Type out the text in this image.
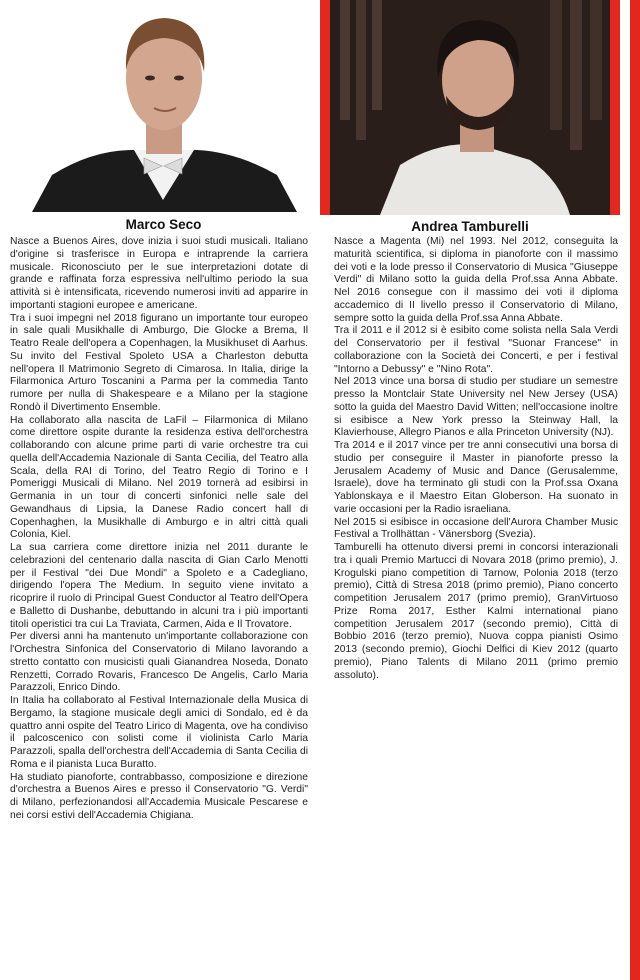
Marco Seco	Andrea Tamburelli

Nasce a Buenos Aires, dove inizia i suoi studi musicali. Italiano d'origine si trasferisce in Europa e intraprende la carriera musicale. Riconosciuto per le sue interpretazioni dotate di grande e raffinata forza espressiva nell'ultimo periodo la sua attività si è intensificata, ricevendo numerosi inviti ad apparire in importanti stagioni europee e americane.

Tra i suoi impegni nel 2018 figurano un importante tour europeo in sale quali Musikhalle di Amburgo, Die Glocke a Brema, Il Teatro Reale dell'opera a Copenhagen, la Musikhuset di Aarhus. Su invito del Festival Spoleto USA a Charleston debutta nell'opera Il Matrimonio Segreto di Cimarosa. In Italia, dirige la Filarmonica Arturo Toscanini a Parma per la commedia Tanto rumore per nulla di Shakespeare e a Milano per la stagione Rondò il Divertimento Ensemble.

Ha collaborato alla nascita de LaFil – Filarmonica di Milano come direttore ospite durante la residenza estiva dell'orchestra collaborando con alcune prime parti di varie orchestre tra cui quella dell'Accademia Nazionale di Santa Cecilia, del Teatro alla Scala, della RAI di Torino, del Teatro Regio di Torino e I Pomeriggi Musicali di Milano. Nel 2019 tornerà ad esibirsi in Germania in un tour di concerti sinfonici nelle sale del Gewandhaus di Lipsia, la Danese Radio concert hall di Copenhaghen, la Musikhalle di Amburgo e in altri città quali Colonia, Kiel.

La sua carriera come direttore inizia nel 2011 durante le celebrazioni del centenario dalla nascita di Gian Carlo Menotti per il Festival "dei Due Mondi" a Spoleto e a Cadegliano, dirigendo l'opera The Medium. In seguito viene invitato a ricoprire il ruolo di Principal Guest Conductor al Teatro dell'Opera e Balletto di Dushanbe, debuttando in alcuni tra i più importanti titoli operistici tra cui La Traviata, Carmen, Aida e Il Trovatore.

Per diversi anni ha mantenuto un'importante collaborazione con l'Orchestra Sinfonica del Conservatorio di Milano lavorando a stretto contatto con musicisti quali Gianandrea Noseda, Donato Renzetti, Corrado Rovaris, Francesco De Angelis, Carlo Maria Parazzoli, Enrico Dindo.

In Italia ha collaborato al Festival Internazionale della Musica di Bergamo, la stagione musicale degli amici di Sondalo, ed è da quattro anni ospite del Teatro Lirico di Magenta, ove ha condiviso il palcoscenico con solisti come il violinista Carlo Maria Parazzoli, spalla dell'orchestra dell'Accademia di Santa Cecilia di Roma e il pianista Luca Buratto.

Ha studiato pianoforte, contrabbasso, composizione e direzione d'orchestra a Buenos Aires e presso il Conservatorio "G. Verdi" di Milano, perfezionandosi all'Accademia Musicale Pescarese e nei corsi estivi dell'Accademia Chigiana.

Nasce a Magenta (Mi) nel 1993. Nel 2012, conseguita la maturità scientifica, si diploma in pianoforte con il massimo dei voti e la lode presso il Conservatorio di Musica "Giuseppe Verdi" di Milano sotto la guida della Prof.ssa Anna Abbate. Nel 2016 consegue con il massimo dei voti il diploma accademico di II livello presso il Conservatorio di Milano, sempre sotto la guida della Prof.ssa Anna Abbate.

Tra il 2011 e il 2012 si è esibito come solista nella Sala Verdi del Conservatorio per il festival "Suonar Francese" in collaborazione con la Società dei Concerti, e per i festival "Intorno a Debussy" e "Nino Rota".

Nel 2013 vince una borsa di studio per studiare un semestre presso la Montclair State University nel New Jersey (USA) sotto la guida del Maestro David Witten; nell'occasione inoltre si esibisce a New York presso la Steinway Hall, la Klavierhouse, Allegro Pianos e alla Princeton University (NJ).

Tra 2014 e il 2017 vince per tre anni consecutivi una borsa di studio per conseguire il Master in pianoforte presso la Jerusalem Academy of Music and Dance (Gerusalemme, Israele), dove ha terminato gli studi con la Prof.ssa Oxana Yablonskaya e il Maestro Eitan Globerson. Ha suonato in varie occasioni per la Radio israeliana.

Nel 2015 si esibisce in occasione dell'Aurora Chamber Music Festival a Trollhättan - Vänersborg (Svezia).

Tamburelli ha ottenuto diversi premi in concorsi interazionali tra i quali Premio Martucci di Novara 2018 (primo premio), J. Krogulski piano competition di Tarnow, Polonia 2018 (terzo premio), Città di Stresa 2018 (primo premio), Piano concerto competition Jerusalem 2017 (primo premio), GranVirtuoso Prize Roma 2017, Esther Kalmi international piano competition Jerusalem 2017 (secondo premio), Città di Bobbio 2016 (terzo premio), Nuova coppa pianisti Osimo 2013 (secondo premio), Giochi Delfici di Kiev 2012 (quarto premio), Piano Talents di Milano 2011 (primo premio assoluto).
